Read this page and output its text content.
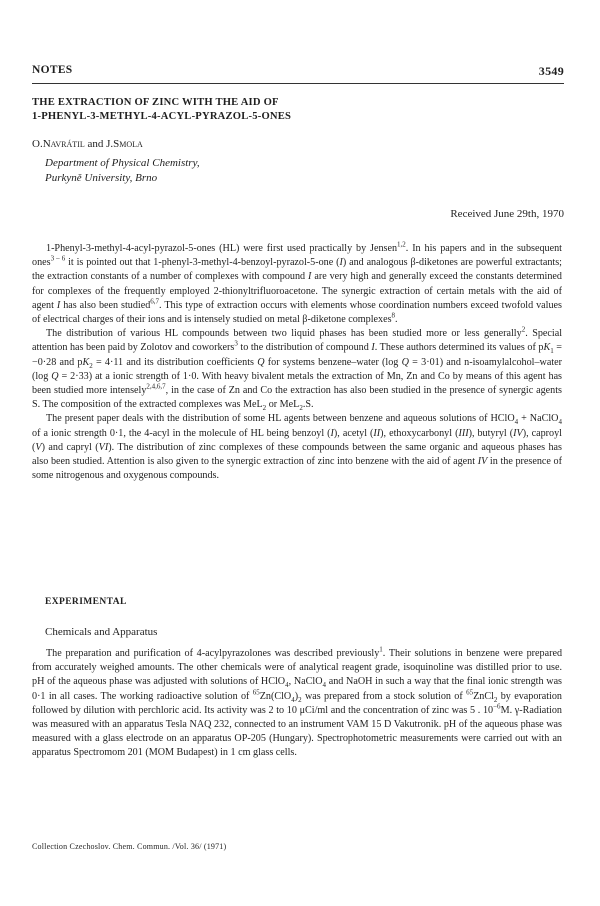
NOTES	3549
THE EXTRACTION OF ZINC WITH THE AID OF
1-PHENYL-3-METHYL-4-ACYL-PYRAZOL-5-ONES
O.Navrátil and J.Smola
Department of Physical Chemistry,
Purkyně University, Brno
Received June 29th, 1970

1-Phenyl-3-methyl-4-acyl-pyrazol-5-ones (HL) were first used practically by Jensen$^{1,2}$. In his papers and in the subsequent ones$^{3 - 6}$ it is pointed out that 1-phenyl-3-methyl-4-benzoyl-pyrazol-5-one (I) and analogous β-diketones are powerful extractants; the extraction constants of a number of complexes with compound I are very high and generally exceed the constants determined for complexes of the frequently employed 2-thionyltrifluoroacetone. The synergic extraction of certain metals with the aid of agent I has also been studied$^{6,7}$. This type of extraction occurs with elements whose coordination numbers exceed twofold values of electrical charges of their ions and is intensely studied on metal β-diketone complexes$^8$.

The distribution of various HL compounds between two liquid phases has been studied more or less generally$^2$. Special attention has been paid by Zolotov and coworkers$^3$ to the distribution of compound I. These authors determined its values of $pK_1 = -0\cdot 28$ and $pK_2 = 4\cdot 11$ and its distribution coefficients Q for systems benzene–water (log Q = 3·01) and n-isoamylalcohol–water (log Q = 2·33) at a ionic strength of 1·0. With heavy bivalent metals the extraction of Mn, Zn and Co by means of this agent has been studied more intensely$^{2,4,6,7}$, in the case of Zn and Co the extraction has also been studied in the presence of synergic agents S. The composition of the extracted complexes was MeL$_2$ or MeL$_2$.S.

The present paper deals with the distribution of some HL agents between benzene and aqueous solutions of HClO$_4$ + NaClO$_4$ of a ionic strength 0·1, the 4-acyl in the molecule of HL being benzoyl (I), acetyl (II), ethoxycarbonyl (III), butyryl (IV), caproyl (V) and capryl (VI). The distribution of zinc complexes of these compounds between the same organic and aqueous phases has also been studied. Attention is also given to the synergic extraction of zinc into benzene with the aid of agent IV in the presence of some nitrogenous and oxygenous compounds.

EXPERIMENTAL
Chemicals and Apparatus

The preparation and purification of 4-acylpyrazolones was described previously$^1$. Their solutions in benzene were prepared from accurately weighed amounts. The other chemicals were of analytical reagent grade, isoquinoline was distilled prior to use. pH of the aqueous phase was adjusted with solutions of HClO$_4$, NaClO$_4$ and NaOH in such a way that the final ionic strength was 0·1 in all cases. The working radioactive solution of $^{65}Zn(ClO_4)_2$ was prepared from a stock solution of $^{65}$ZnCl$_2$ by evaporation followed by dilution with perchloric acid. Its activity was 2 to 10 μCi/ml and the concentration of zinc was 5 . $10^{-6}M$. γ-Radiation was measured with an apparatus Tesla NAQ 232, connected to an instrument VAM 15 D Vakutronik. pH of the aqueous phase was measured with a glass electrode on an apparatus OP-205 (Hungary). Spectrophotometric measurements were carried out with an apparatus Spectromom 201 (MOM Budapest) in 1 cm glass cells.

Collection Czechoslov. Chem. Commun. /Vol. 36/ (1971)
